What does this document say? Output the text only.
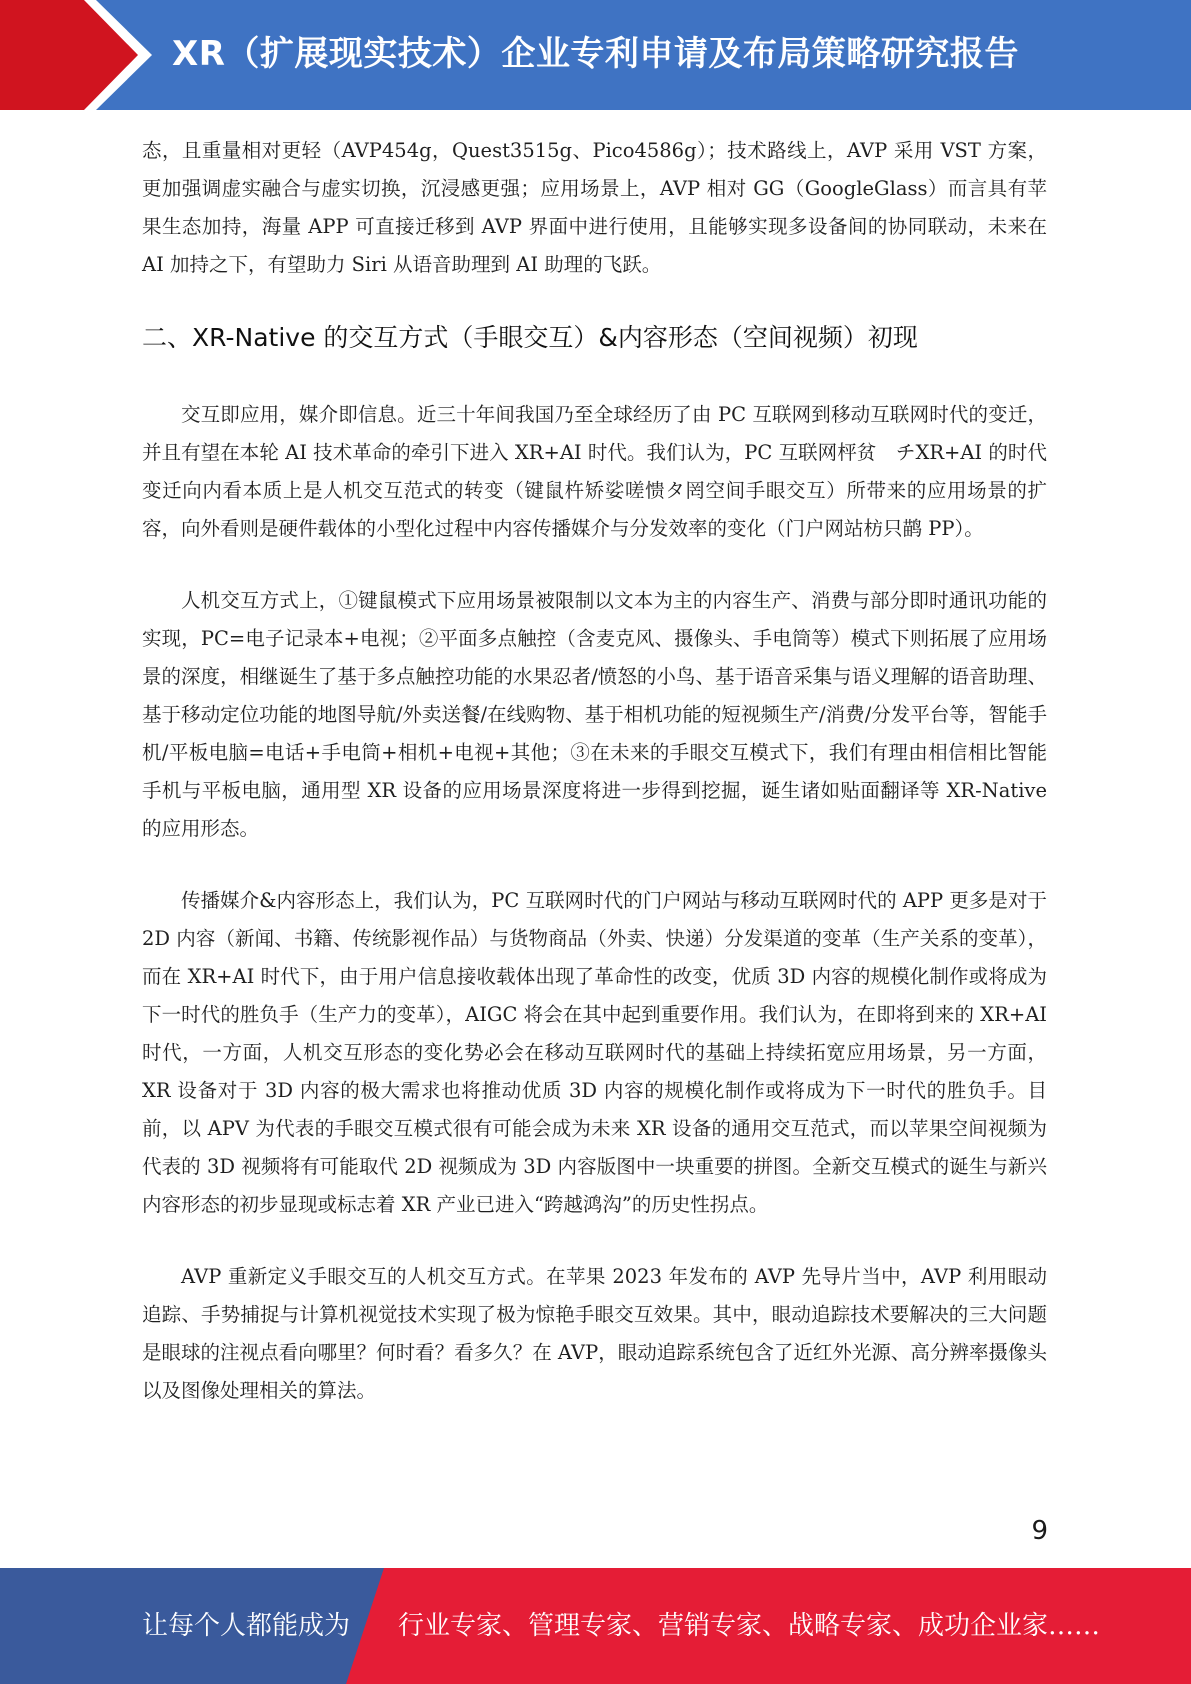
XR（扩展现实技术）企业专利申请及布局策略研究报告

态，且重量相对更轻（AVP454g，Quest3515g、Pico4586g）；技术路线上，AVP 采用 VST 方案，更加强调虚实融合与虚实切换，沉浸感更强；应用场景上，AVP 相对 GG（GoogleGlass）而言具有苹果生态加持，海量 APP 可直接迁移到 AVP 界面中进行使用，且能够实现多设备间的协同联动，未来在 AI 加持之下，有望助力 Siri 从语音助理到 AI 助理的飞跃。

二、XR-Native 的交互方式（手眼交互）&内容形态（空间视频）初现

交互即应用，媒介即信息。近三十年间我国乃至全球经历了由 PC 互联网到移动互联网时代的变迁，并且有望在本轮 AI 技术革命的牵引下进入 XR+AI 时代。我们认为，PC 互联网枰贫　チXR+AI 的时代变迁向内看本质上是人机交互范式的转变（键鼠杵矫娑嗟愦タ罔空间手眼交互）所带来的应用场景的扩容，向外看则是硬件载体的小型化过程中内容传播媒介与分发效率的变化（门户网站枋只鹋 PP）。

人机交互方式上，①键鼠模式下应用场景被限制以文本为主的内容生产、消费与部分即时通讯功能的实现，PC=电子记录本+电视；②平面多点触控（含麦克风、摄像头、手电筒等）模式下则拓展了应用场景的深度，相继诞生了基于多点触控功能的水果忍者/愤怒的小鸟、基于语音采集与语义理解的语音助理、基于移动定位功能的地图导航/外卖送餐/在线购物、基于相机功能的短视频生产/消费/分发平台等，智能手机/平板电脑=电话+手电筒+相机+电视+其他；③在未来的手眼交互模式下，我们有理由相信相比智能手机与平板电脑，通用型 XR 设备的应用场景深度将进一步得到挖掘，诞生诸如贴面翻译等 XR-Native 的应用形态。

传播媒介&内容形态上，我们认为，PC 互联网时代的门户网站与移动互联网时代的 APP 更多是对于 2D 内容（新闻、书籍、传统影视作品）与货物商品（外卖、快递）分发渠道的变革（生产关系的变革），而在 XR+AI 时代下，由于用户信息接收载体出现了革命性的改变，优质 3D 内容的规模化制作或将成为下一时代的胜负手（生产力的变革），AIGC 将会在其中起到重要作用。我们认为，在即将到来的 XR+AI 时代，一方面，人机交互形态的变化势必会在移动互联网时代的基础上持续拓宽应用场景，另一方面，XR 设备对于 3D 内容的极大需求也将推动优质 3D 内容的规模化制作或将成为下一时代的胜负手。目前，以 APV 为代表的手眼交互模式很有可能会成为未来 XR 设备的通用交互范式，而以苹果空间视频为代表的 3D 视频将有可能取代 2D 视频成为 3D 内容版图中一块重要的拼图。全新交互模式的诞生与新兴内容形态的初步显现或标志着 XR 产业已进入“跨越鸿沟”的历史性拐点。

AVP 重新定义手眼交互的人机交互方式。在苹果 2023 年发布的 AVP 先导片当中，AVP 利用眼动追踪、手势捕捉与计算机视觉技术实现了极为惊艳手眼交互效果。其中，眼动追踪技术要解决的三大问题是眼球的注视点看向哪里？何时看？看多久？在 AVP，眼动追踪系统包含了近红外光源、高分辨率摄像头以及图像处理相关的算法。

9
让每个人都能成为 行业专家、管理专家、营销专家、战略专家、成功企业家……
